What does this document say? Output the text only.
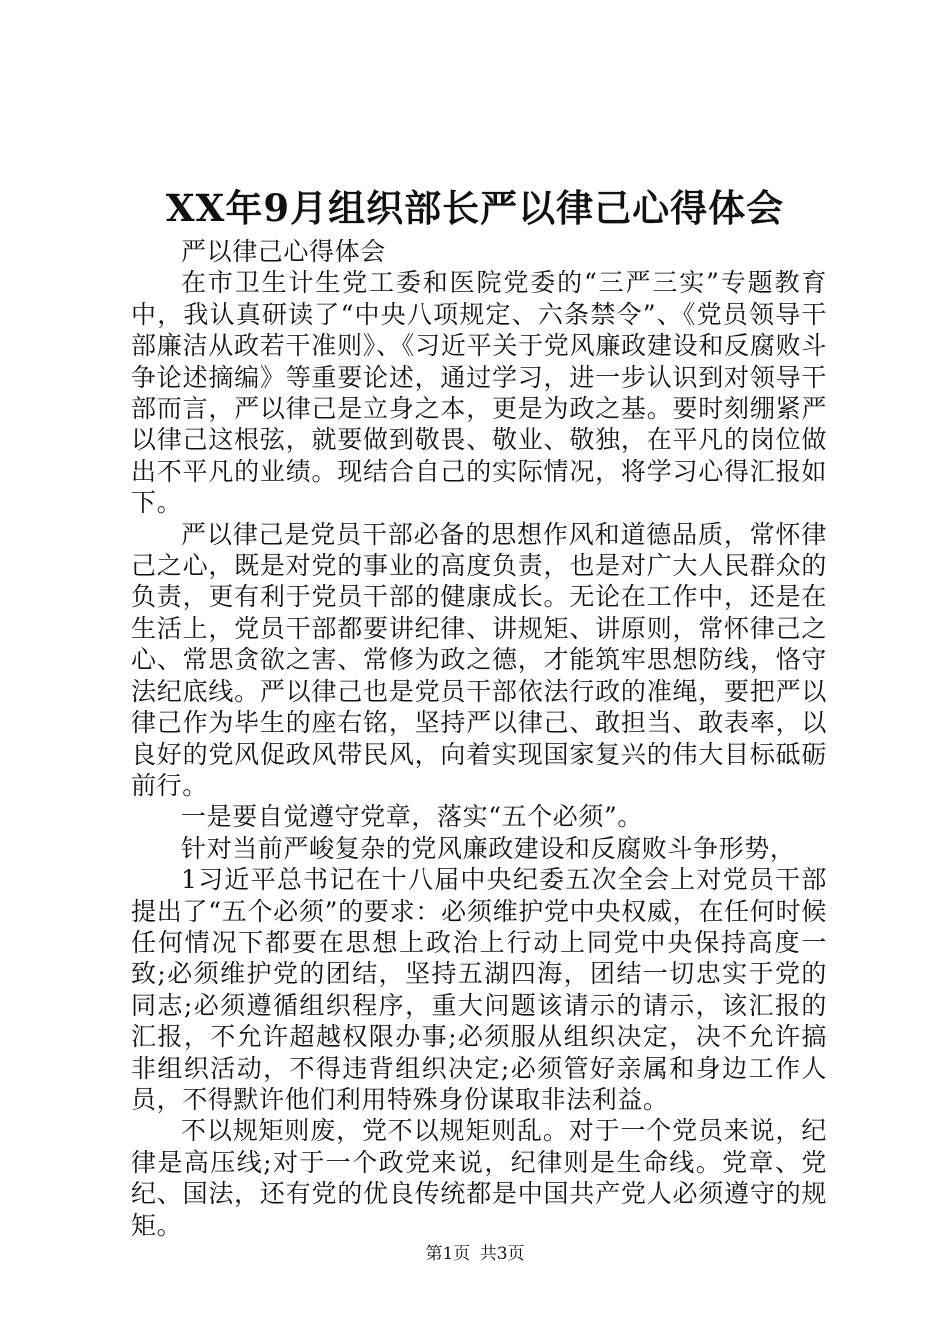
XX年9月组织部长严以律己心得体会

严以律己心得体会

在市卫生计生党工委和医院党委的“三严三实”专题教育中，我认真研读了“中央八项规定、六条禁令”、《党员领导干部廉洁从政若干准则》、《习近平关于党风廉政建设和反腐败斗争论述摘编》等重要论述，通过学习，进一步认识到对领导干部而言，严以律己是立身之本，更是为政之基。要时刻绷紧严以律己这根弦，就要做到敬畏、敬业、敬独，在平凡的岗位做出不平凡的业绩。现结合自己的实际情况，将学习心得汇报如下。

严以律己是党员干部必备的思想作风和道德品质，常怀律己之心，既是对党的事业的高度负责，也是对广大人民群众的负责，更有利于党员干部的健康成长。无论在工作中，还是在生活上，党员干部都要讲纪律、讲规矩、讲原则，常怀律己之心、常思贪欲之害、常修为政之德，才能筑牢思想防线，恪守法纪底线。严以律己也是党员干部依法行政的准绳，要把严以律己作为毕生的座右铭，坚持严以律己、敢担当、敢表率，以良好的党风促政风带民风，向着实现国家复兴的伟大目标砥砺前行。

一是要自觉遵守党章，落实“五个必须”。

针对当前严峻复杂的党风廉政建设和反腐败斗争形势，

1习近平总书记在十八届中央纪委五次全会上对党员干部提出了“五个必须”的要求：必须维护党中央权威，在任何时候任何情况下都要在思想上政治上行动上同党中央保持高度一致;必须维护党的团结，坚持五湖四海，团结一切忠实于党的同志;必须遵循组织程序，重大问题该请示的请示，该汇报的汇报，不允许超越权限办事;必须服从组织决定，决不允许搞非组织活动，不得违背组织决定;必须管好亲属和身边工作人员，不得默许他们利用特殊身份谋取非法利益。

不以规矩则废，党不以规矩则乱。对于一个党员来说，纪律是高压线;对于一个政党来说，纪律则是生命线。党章、党纪、国法，还有党的优良传统都是中国共产党人必须遵守的规矩。

第1页 共3页
